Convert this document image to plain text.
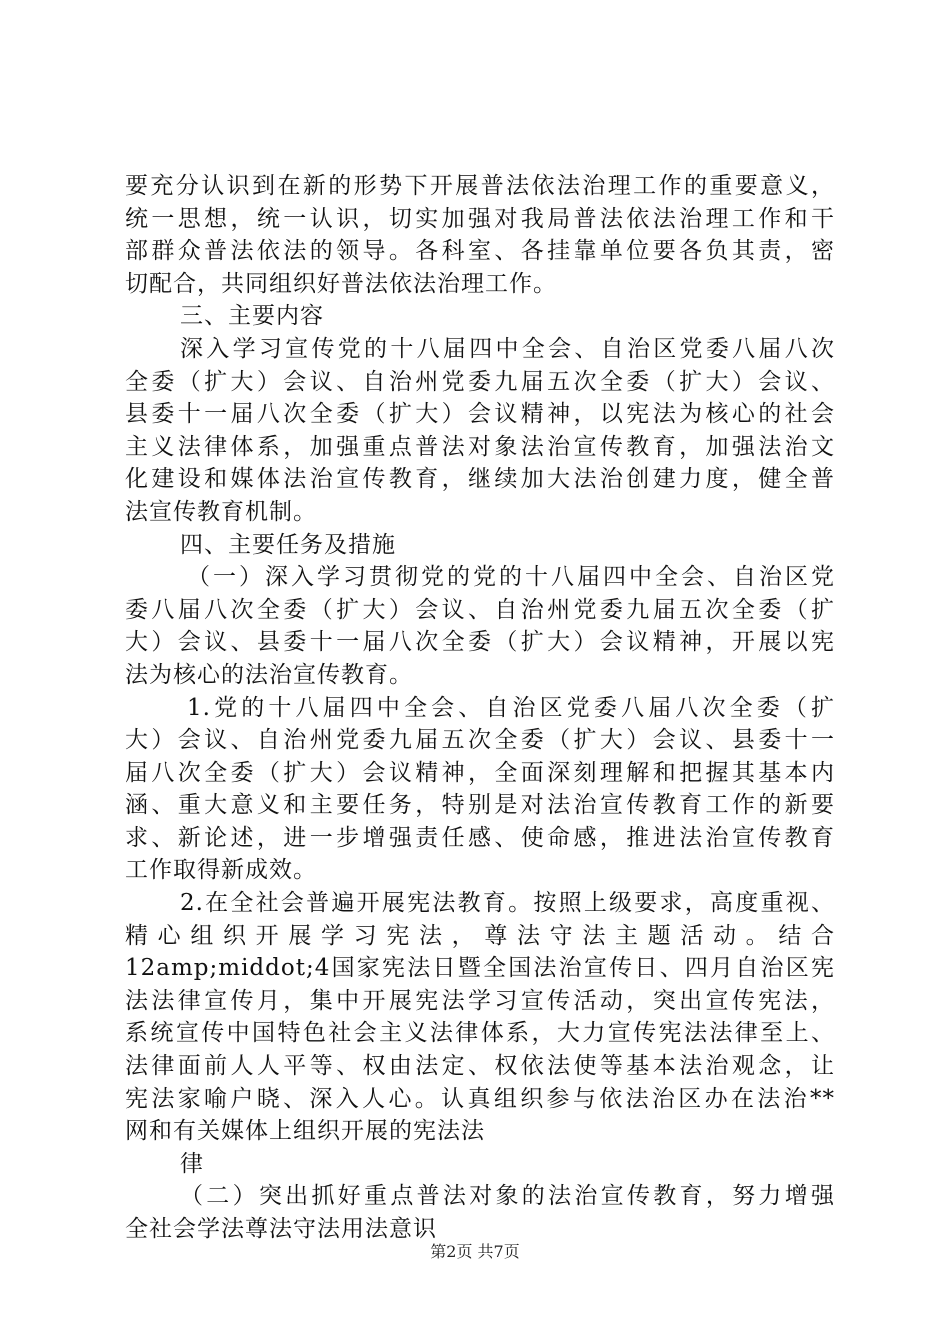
要充分认识到在新的形势下开展普法依法治理工作的重要意义，
统一思想，统一认识，切实加强对我局普法依法治理工作和干
部群众普法依法的领导。各科室、各挂靠单位要各负其责，密
切配合，共同组织好普法依法治理工作。
三、主要内容
深入学习宣传党的十八届四中全会、自治区党委八届八次
全委（扩大）会议、自治州党委九届五次全委（扩大）会议、
县委十一届八次全委（扩大）会议精神，以宪法为核心的社会
主义法律体系，加强重点普法对象法治宣传教育，加强法治文
化建设和媒体法治宣传教育，继续加大法治创建力度，健全普
法宣传教育机制。
四、主要任务及措施
（一）深入学习贯彻党的党的十八届四中全会、自治区党
委八届八次全委（扩大）会议、自治州党委九届五次全委（扩
大）会议、县委十一届八次全委（扩大）会议精神，开展以宪
法为核心的法治宣传教育。
1.党的十八届四中全会、自治区党委八届八次全委（扩
大）会议、自治州党委九届五次全委（扩大）会议、县委十一
届八次全委（扩大）会议精神，全面深刻理解和把握其基本内
涵、重大意义和主要任务，特别是对法治宣传教育工作的新要
求、新论述，进一步增强责任感、使命感，推进法治宣传教育
工作取得新成效。
2.在全社会普遍开展宪法教育。按照上级要求，高度重视、
精心组织开展学习宪法，尊法守法主题活动。结合
12amp;middot;4国家宪法日暨全国法治宣传日、四月自治区宪
法法律宣传月，集中开展宪法学习宣传活动，突出宣传宪法，
系统宣传中国特色社会主义法律体系，大力宣传宪法法律至上、
法律面前人人平等、权由法定、权依法使等基本法治观念，让
宪法家喻户晓、深入人心。认真组织参与依法治区办在法治**
网和有关媒体上组织开展的宪法法
律
（二）突出抓好重点普法对象的法治宣传教育，努力增强
全社会学法尊法守法用法意识
第2页 共7页
